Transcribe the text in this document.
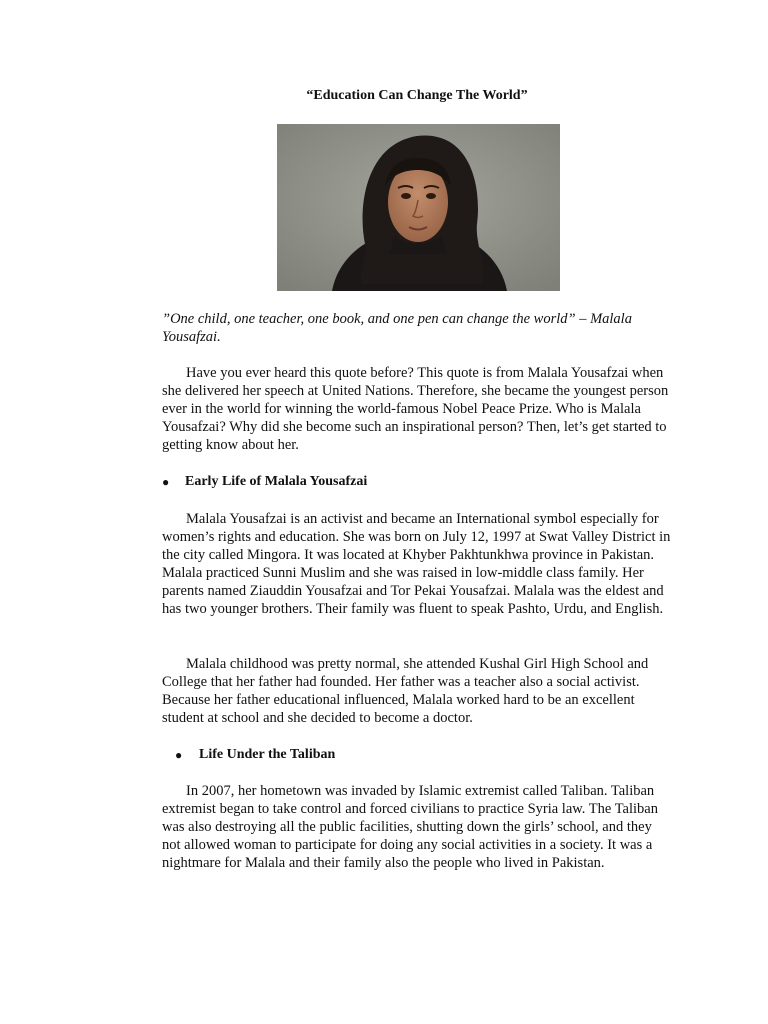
“Education Can Change The World”

”One child, one teacher, one book, and one pen can change the world” – Malala Yousafzai.

Have you ever heard this quote before? This quote is from Malala Yousafzai when she delivered her speech at United Nations. Therefore, she became the youngest person ever in the world for winning the world-famous Nobel Peace Prize. Who is Malala Yousafzai? Why did she become such an inspirational person? Then, let’s get started to getting know about her.

● Early Life of Malala Yousafzai

Malala Yousafzai is an activist and became an International symbol especially for women’s rights and education. She was born on July 12, 1997 at Swat Valley District in the city called Mingora. It was located at Khyber Pakhtunkhwa province in Pakistan. Malala practiced Sunni Muslim and she was raised in low-middle class family. Her parents named Ziauddin Yousafzai and Tor Pekai Yousafzai. Malala was the eldest and has two younger brothers. Their family was fluent to speak Pashto, Urdu, and English.

Malala childhood was pretty normal, she attended Kushal Girl High School and College that her father had founded. Her father was a teacher also a social activist. Because her father educational influenced, Malala worked hard to be an excellent student at school and she decided to become a doctor.

● Life Under the Taliban

In 2007, her hometown was invaded by Islamic extremist called Taliban. Taliban extremist began to take control and forced civilians to practice Syria law. The Taliban was also destroying all the public facilities, shutting down the girls’ school, and they not allowed woman to participate for doing any social activities in a society. It was a nightmare for Malala and their family also the people who lived in Pakistan.
